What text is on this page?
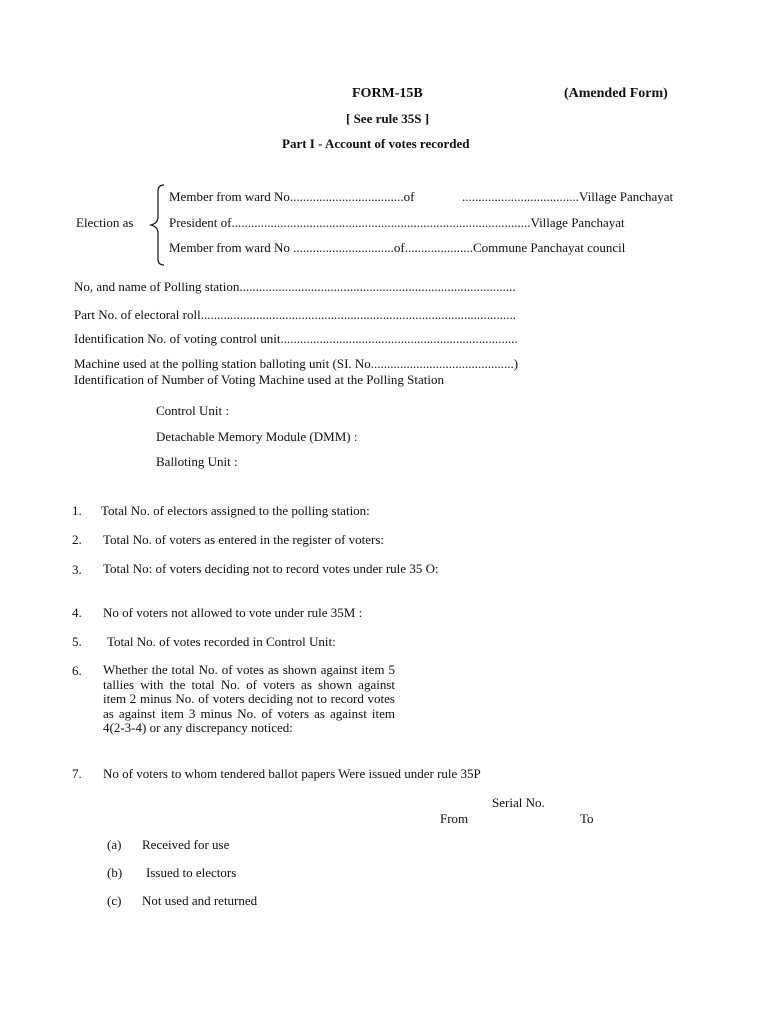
FORM-15B	(Amended Form)
[ See rule 35S ]
Part I - Account of votes recorded
Election as
Member from ward No...................................of	....................................Village Panchayat
President of............................................................................................Village Panchayat
Member from ward No ...............................of.....................Commune Panchayat council
No, and name of Polling station.....................................................................................
Part No. of electoral roll.................................................................................................
Identification No. of voting control unit.........................................................................
Machine used at the polling station balloting unit (SI. No............................................)
Identification of Number of Voting Machine used at the Polling Station
Control Unit :
Detachable Memory Module (DMM) :
Balloting Unit :
1. Total No. of electors assigned to the polling station:
2. Total No. of voters as entered in the register of voters:
3. Total No: of voters deciding not to record votes under rule 35 O:
4. No of voters not allowed to vote under rule 35M :
5. Total No. of votes recorded in Control Unit:
6. Whether the total No. of votes as shown against item 5 tallies with the total No. of voters as shown against item 2 minus No. of voters deciding not to record votes as against item 3 minus No. of voters as against item 4(2-3-4) or any discrepancy noticed:
7. No of voters to whom tendered ballot papers Were issued under rule 35P
Serial No.
From	To
(a) Received for use
(b) Issued to electors
(c) Not used and returned
